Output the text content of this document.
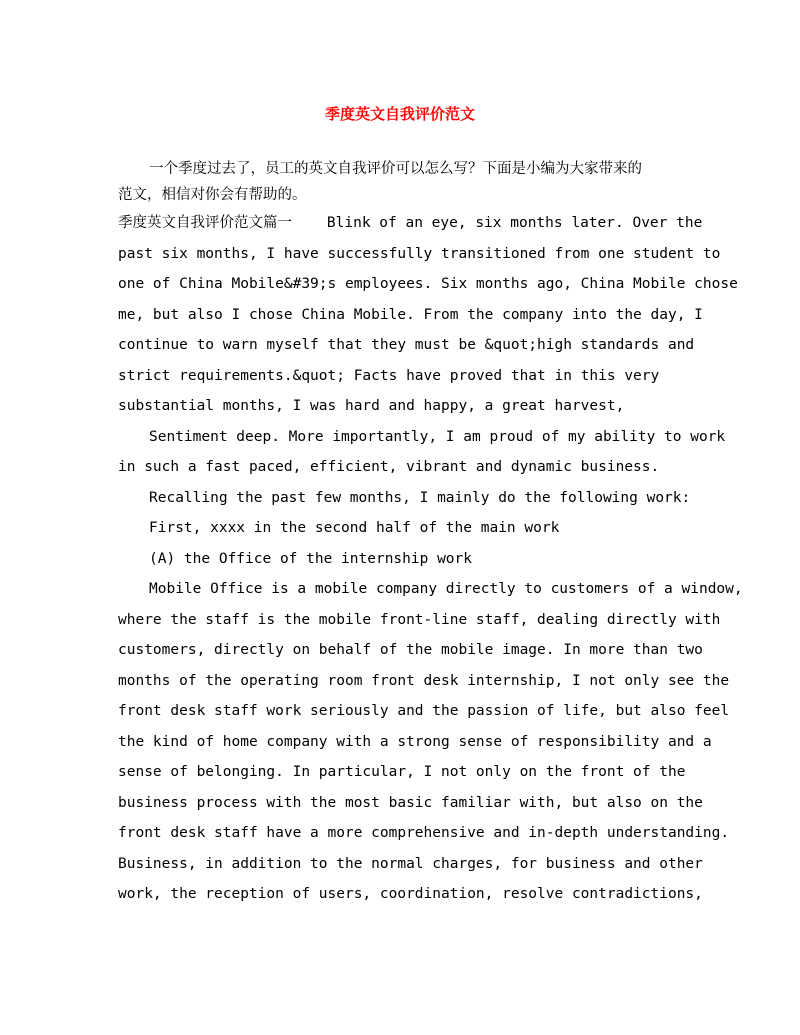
季度英文自我评价范文
一个季度过去了，员工的英文自我评价可以怎么写？下面是小编为大家带来的
范文，相信对你会有帮助的。
季度英文自我评价范文篇一    Blink of an eye, six months later. Over the
past six months, I have successfully transitioned from one student to
one of China Mobile&#39;s employees. Six months ago, China Mobile chose
me, but also I chose China Mobile. From the company into the day, I
continue to warn myself that they must be &quot;high standards and
strict requirements.&quot; Facts have proved that in this very
substantial months, I was hard and happy, a great harvest,
Sentiment deep. More importantly, I am proud of my ability to work
in such a fast paced, efficient, vibrant and dynamic business.
Recalling the past few months, I mainly do the following work:
First, xxxx in the second half of the main work
(A) the Office of the internship work
Mobile Office is a mobile company directly to customers of a window,
where the staff is the mobile front-line staff, dealing directly with
customers, directly on behalf of the mobile image. In more than two
months of the operating room front desk internship, I not only see the
front desk staff work seriously and the passion of life, but also feel
the kind of home company with a strong sense of responsibility and a
sense of belonging. In particular, I not only on the front of the
business process with the most basic familiar with, but also on the
front desk staff have a more comprehensive and in-depth understanding.
Business, in addition to the normal charges, for business and other
work, the reception of users, coordination, resolve contradictions,
